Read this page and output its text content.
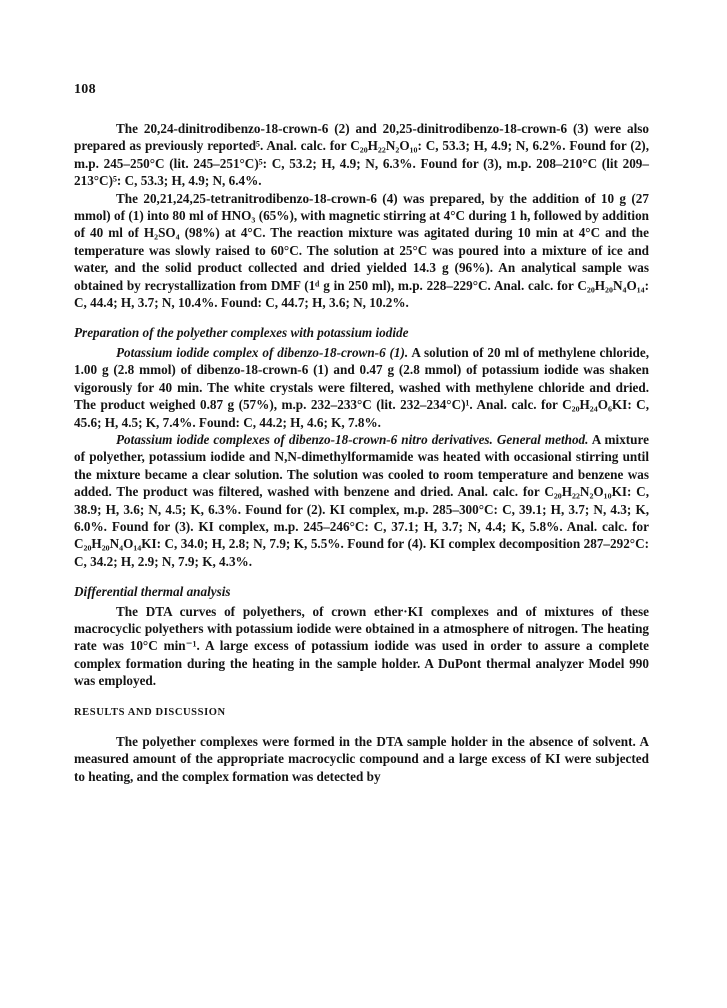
108

The 20,24-dinitrodibenzo-18-crown-6 (2) and 20,25-dinitrodibenzo-18-crown-6 (3) were also prepared as previously reported⁵. Anal. calc. for C₂₀H₂₂N₂O₁₀: C, 53.3; H, 4.9; N, 6.2%. Found for (2), m.p. 245–250°C (lit. 245–251°C)⁵: C, 53.2; H, 4.9; N, 6.3%. Found for (3), m.p. 208–210°C (lit 209–213°C)⁵: C, 53.3; H, 4.9; N, 6.4%.

The 20,21,24,25-tetranitrodibenzo-18-crown-6 (4) was prepared, by the addition of 10 g (27 mmol) of (1) into 80 ml of HNO₃ (65%), with magnetic stirring at 4°C during 1 h, followed by addition of 40 ml of H₂SO₄ (98%) at 4°C. The reaction mixture was agitated during 10 min at 4°C and the temperature was slowly raised to 60°C. The solution at 25°C was poured into a mixture of ice and water, and the solid product collected and dried yielded 14.3 g (96%). An analytical sample was obtained by recrystallization from DMF (1ᵈ g in 250 ml), m.p. 228–229°C. Anal. calc. for C₂₀H₂₀N₄O₁₄: C, 44.4; H, 3.7; N, 10.4%. Found: C, 44.7; H, 3.6; N, 10.2%.

Preparation of the polyether complexes with potassium iodide

Potassium iodide complex of dibenzo-18-crown-6 (1). A solution of 20 ml of methylene chloride, 1.00 g (2.8 mmol) of dibenzo-18-crown-6 (1) and 0.47 g (2.8 mmol) of potassium iodide was shaken vigorously for 40 min. The white crystals were filtered, washed with methylene chloride and dried. The product weighed 0.87 g (57%), m.p. 232–233°C (lit. 232–234°C)¹. Anal. calc. for C₂₀H₂₄O₆KI: C, 45.6; H, 4.5; K, 7.4%. Found: C, 44.2; H, 4.6; K, 7.8%.

Potassium iodide complexes of dibenzo-18-crown-6 nitro derivatives. General method. A mixture of polyether, potassium iodide and N,N-dimethylformamide was heated with occasional stirring until the mixture became a clear solution. The solution was cooled to room temperature and benzene was added. The product was filtered, washed with benzene and dried. Anal. calc. for C₂₀H₂₂N₂O₁₀KI: C, 38.9; H, 3.6; N, 4.5; K, 6.3%. Found for (2). KI complex, m.p. 285–300°C: C, 39.1; H, 3.7; N, 4.3; K, 6.0%. Found for (3). KI complex, m.p. 245–246°C: C, 37.1; H, 3.7; N, 4.4; K, 5.8%. Anal. calc. for C₂₀H₂₀N₄O₁₄KI: C, 34.0; H, 2.8; N, 7.9; K, 5.5%. Found for (4). KI complex decomposition 287–292°C: C, 34.2; H, 2.9; N, 7.9; K, 4.3%.

Differential thermal analysis

The DTA curves of polyethers, of crown ether·KI complexes and of mixtures of these macrocyclic polyethers with potassium iodide were obtained in a atmosphere of nitrogen. The heating rate was 10°C min⁻¹. A large excess of potassium iodide was used in order to assure a complete complex formation during the heating in the sample holder. A DuPont thermal analyzer Model 990 was employed.

RESULTS AND DISCUSSION

The polyether complexes were formed in the DTA sample holder in the absence of solvent. A measured amount of the appropriate macrocyclic compound and a large excess of KI were subjected to heating, and the complex formation was detected by
